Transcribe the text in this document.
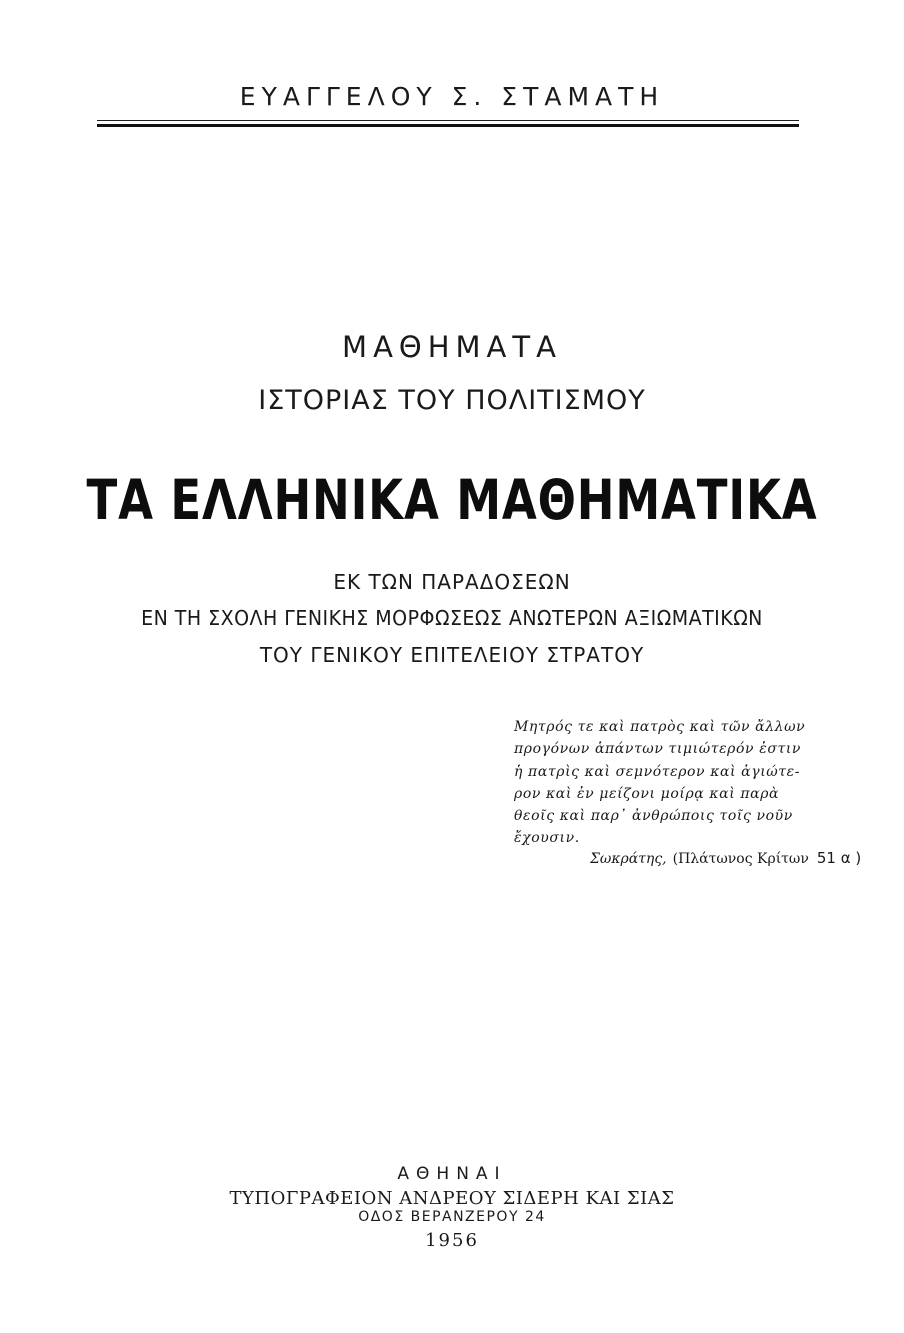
ΕΥΑΓΓΕΛΟΥ Σ. ΣΤΑΜΑΤΗ
ΜΑΘΗΜΑΤΑ
ΙΣΤΟΡΙΑΣ ΤΟΥ ΠΟΛΙΤΙΣΜΟΥ
ΤΑ ΕΛΛΗΝΙΚΑ ΜΑΘΗΜΑΤΙΚΑ
ΕΚ ΤΩΝ ΠΑΡΑΔΟΣΕΩΝ
ΕΝ ΤΗ ΣΧΟΛΗ ΓΕΝΙΚΗΣ ΜΟΡΦΩΣΕΩΣ ΑΝΩΤΕΡΩΝ ΑΞΙΩΜΑΤΙΚΩΝ
ΤΟΥ ΓΕΝΙΚΟΥ ΕΠΙΤΕΛΕΙΟΥ ΣΤΡΑΤΟΥ
Μητρός τε καὶ πατρὸς καὶ τῶν ἄλλων
προγόνων ἁπάντων τιμιώτερόν ἐστιν
ἡ πατρὶς καὶ σεμνότερον καὶ ἁγιώτε-
ρον καὶ ἐν μείζονι μοίρᾳ καὶ παρὰ
θεοῖς καὶ παρ᾽ ἀνθρώποις τοῖς νοῦν
ἔχουσιν.
Σωκράτης, (Πλάτωνος Κρίτων 51 α )
ΑΘΗΝΑΙ
ΤΥΠΟΓΡΑΦΕΙΟΝ ΑΝΔΡΕΟΥ ΣΙΔΕΡΗ ΚΑΙ ΣΙΑΣ
ΟΔΟΣ ΒΕΡΑΝΖΕΡΟΥ 24
1956
